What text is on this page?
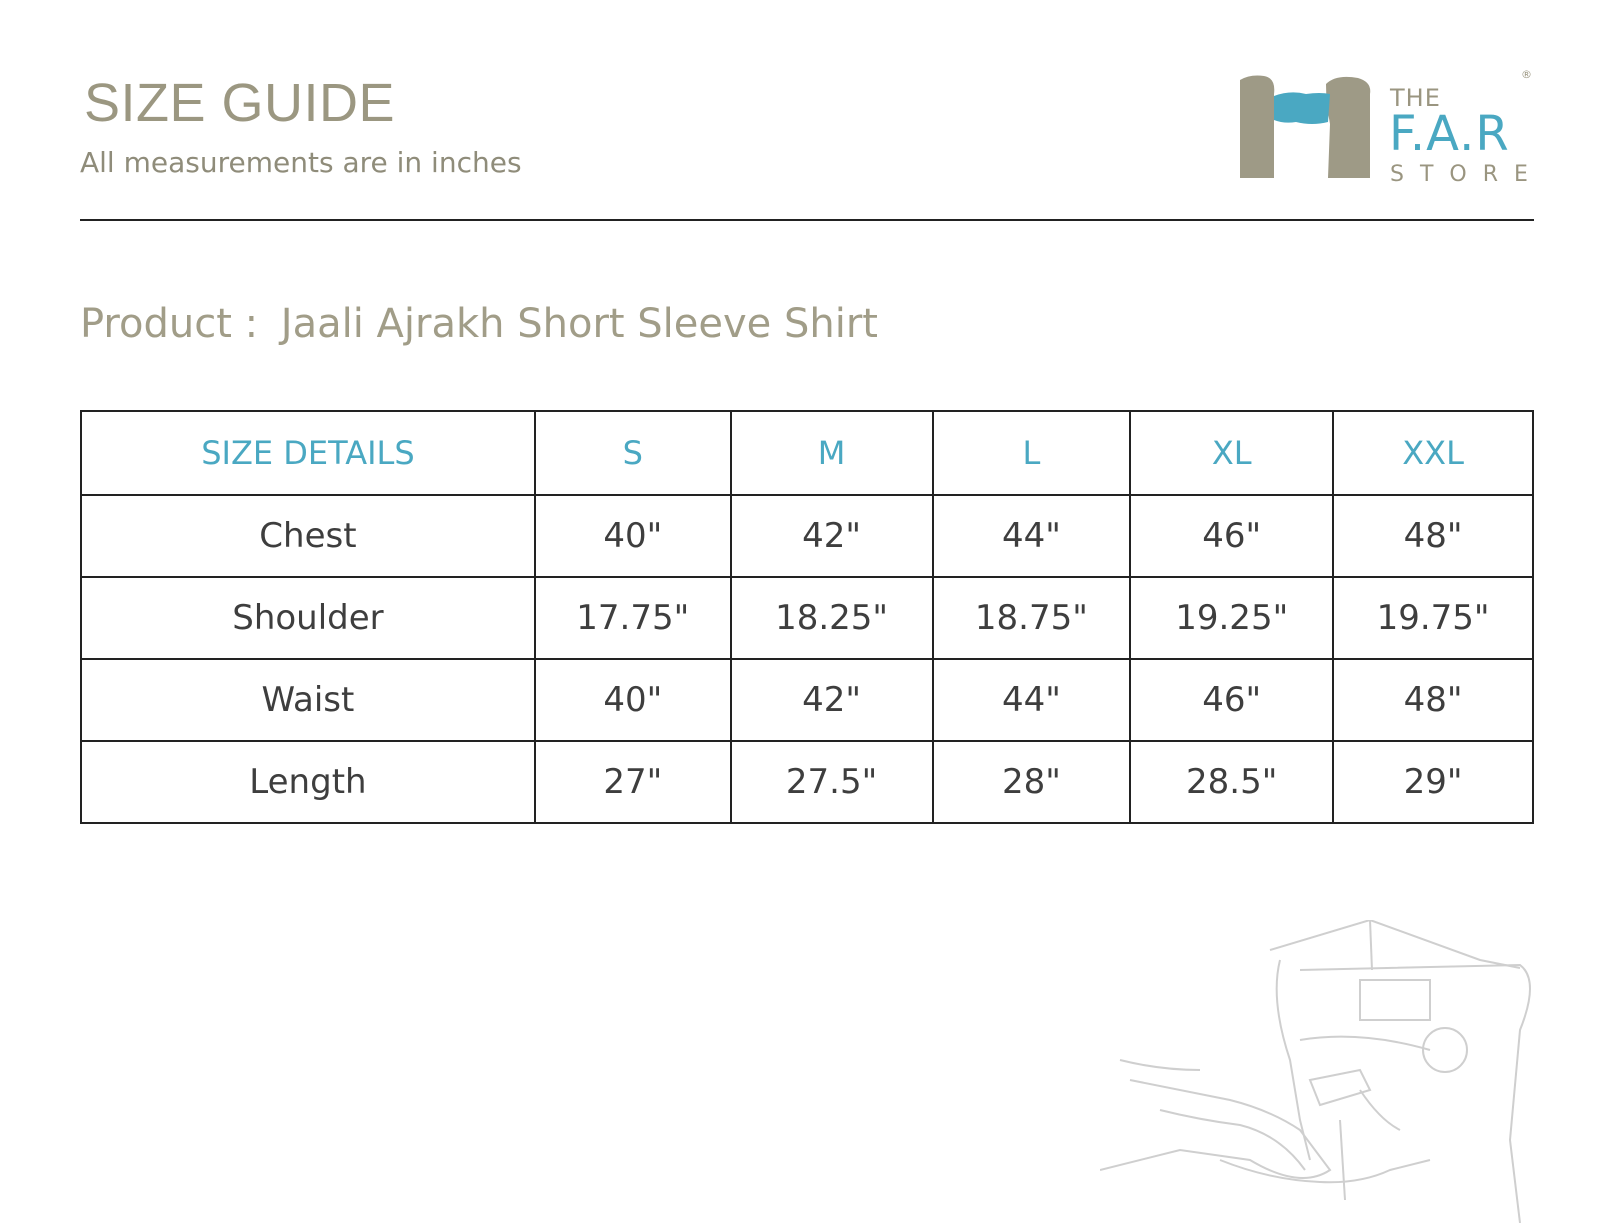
SIZE GUIDE
All measurements are in inches
THE
F.A.R
STORE
®
Product : Jaali Ajrakh Short Sleeve Shirt
SIZE DETAILS	S	M	L	XL	XXL
Chest	40"	42"	44"	46"	48"
Shoulder	17.75"	18.25"	18.75"	19.25"	19.75"
Waist	40"	42"	44"	46"	48"
Length	27"	27.5"	28"	28.5"	29"
